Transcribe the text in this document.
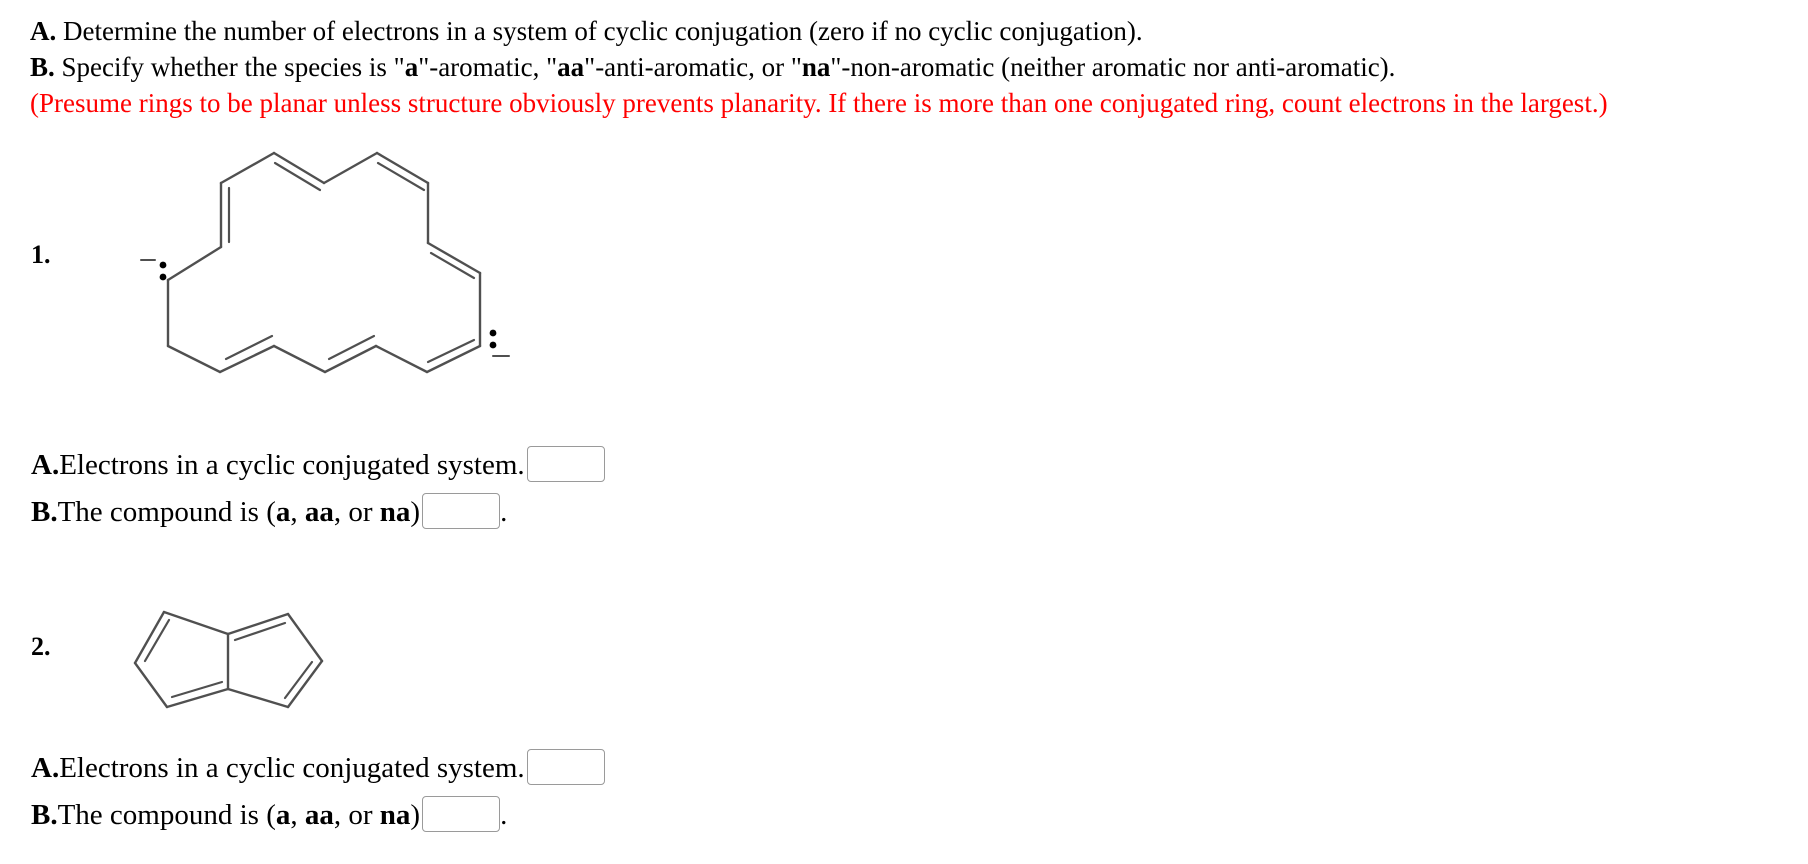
A. Determine the number of electrons in a system of cyclic conjugation (zero if no cyclic conjugation).
B. Specify whether the species is "a"-aromatic, "aa"-anti-aromatic, or "na"-non-aromatic (neither aromatic nor anti-aromatic).
(Presume rings to be planar unless structure obviously prevents planarity. If there is more than one conjugated ring, count electrons in the largest.)
1.
A.Electrons in a cyclic conjugated system.
B.The compound is (a, aa, or na)	.
2.
A.Electrons in a cyclic conjugated system.
B.The compound is (a, aa, or na)	.
